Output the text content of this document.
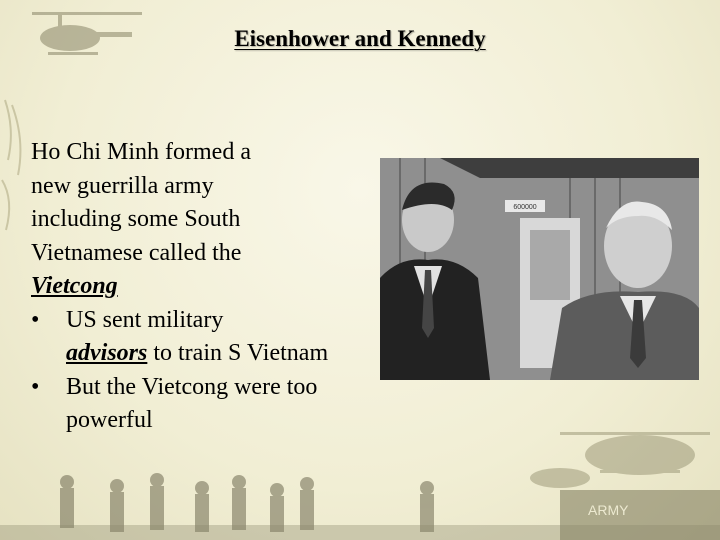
ARMY
Eisenhower and Kennedy
Ho Chi Minh formed a
new guerrilla army
including some South
Vietnamese called the
Vietcong
• US sent military
advisors to train S Vietnam
• But the Vietcong were too powerful
600000
